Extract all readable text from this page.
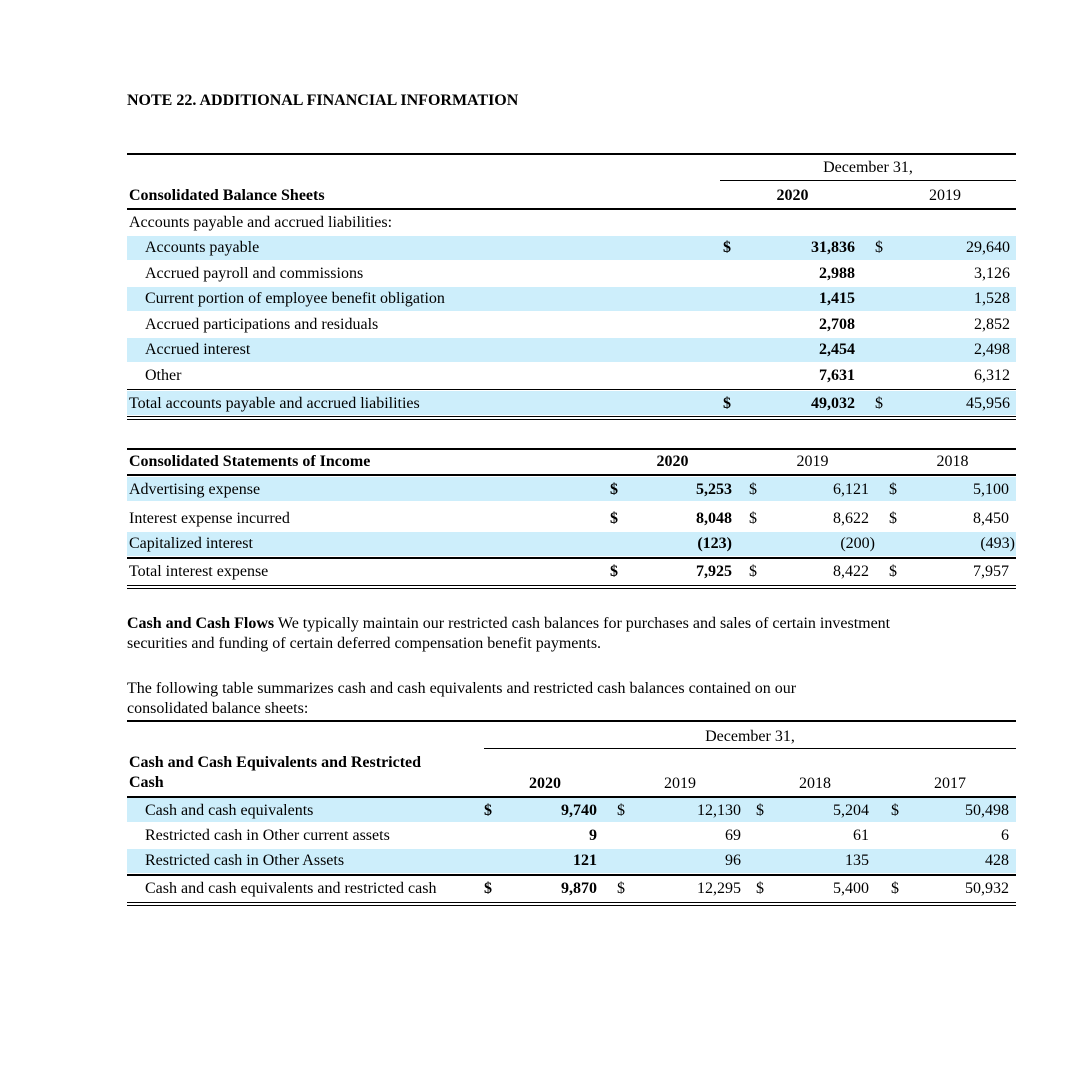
NOTE 22. ADDITIONAL FINANCIAL INFORMATION
December 31,
Consolidated Balance Sheets	2020	2019
Accounts payable and accrued liabilities:
Accounts payable	$	31,836 $	29,640
Accrued payroll and commissions	2,988	3,126
Current portion of employee benefit obligation	1,415	1,528
Accrued participations and residuals	2,708	2,852
Accrued interest	2,454	2,498
Other	7,631	6,312
Total accounts payable and accrued liabilities	$	49,032 $	45,956
Consolidated Statements of Income	2020	2019	2018
Advertising expense	$	5,253 $	6,121 $	5,100
Interest expense incurred	$	8,048 $	8,622 $	8,450
Capitalized interest	(123)	(200)	(493)
Total interest expense	$	7,925 $	8,422 $	7,957
Cash and Cash Flows We typically maintain our restricted cash balances for purchases and sales of certain investment securities and funding of certain deferred compensation benefit payments.
The following table summarizes cash and cash equivalents and restricted cash balances contained on our consolidated balance sheets:
December 31,
Cash and Cash Equivalents and Restricted
Cash	2020	2019	2018	2017
Cash and cash equivalents	$	9,740 $	12,130 $	5,204 $	50,498
Restricted cash in Other current assets	9	69	61	6
Restricted cash in Other Assets	121	96	135	428
Cash and cash equivalents and restricted cash	$	9,870 $	12,295 $	5,400 $	50,932
